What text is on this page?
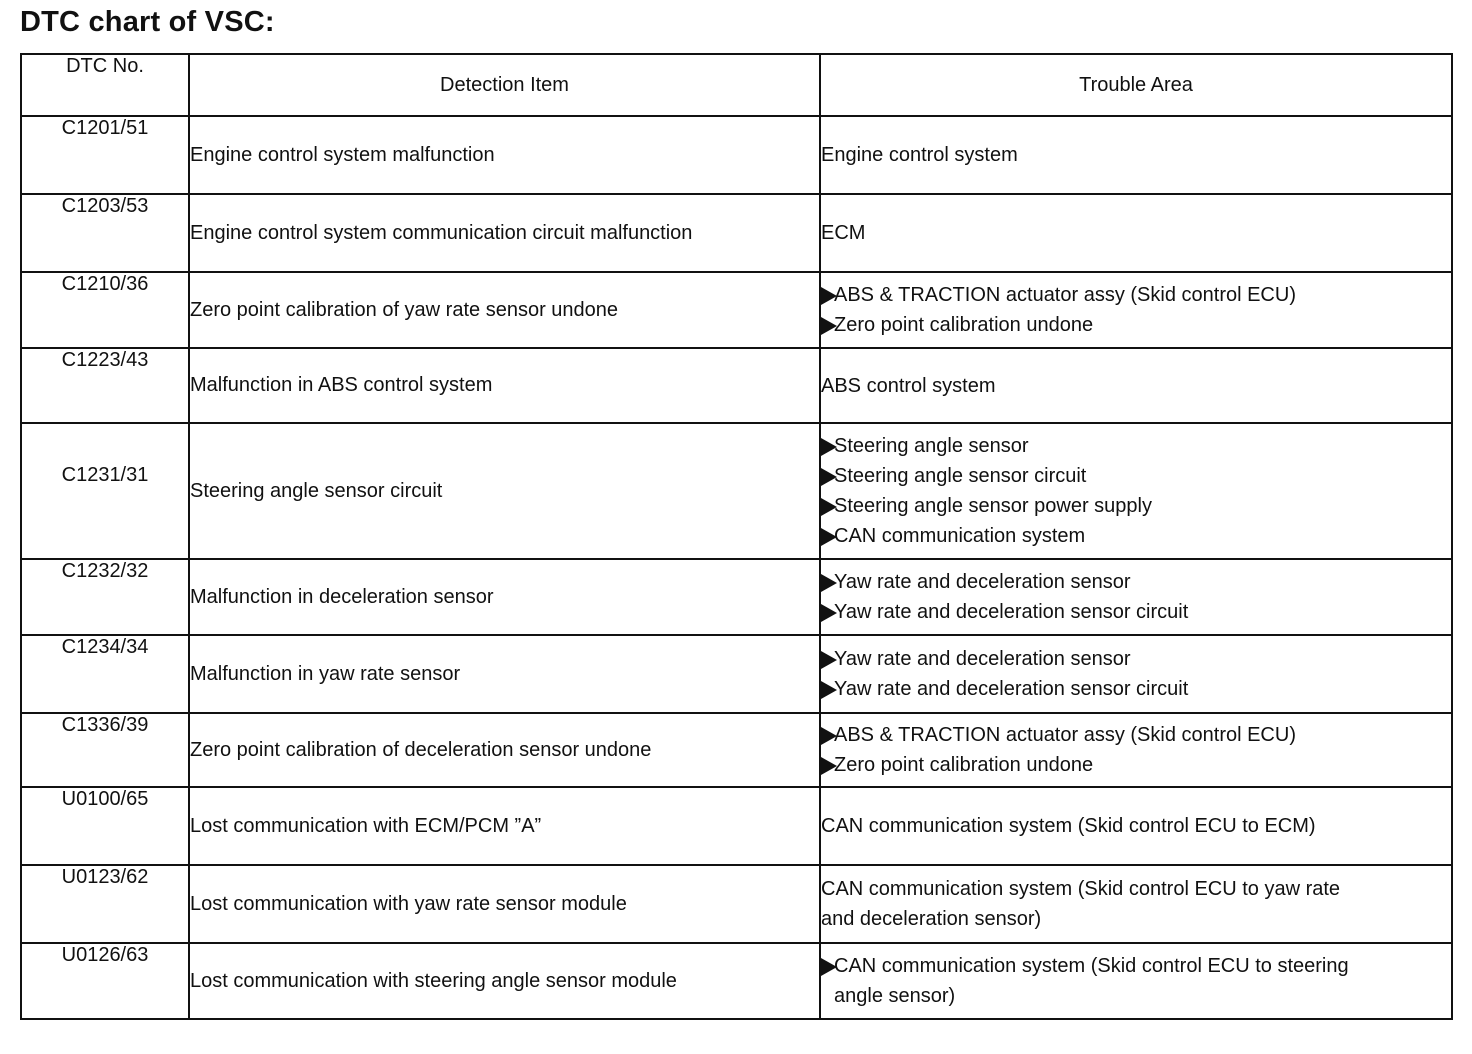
DTC chart of VSC:
DTC No.	Detection Item	Trouble Area
C1201/51	Engine control system malfunction	Engine control system

C1203/53	Engine control system communication circuit malfunction	ECM

C1210/36	Zero point calibration of yaw rate sensor undone	ABS & TRACTION actuator assy (Skid control ECU)
Zero point calibration undone

C1223/43	Malfunction in ABS control system	ABS control system

C1231/31	Steering angle sensor circuit	Steering angle sensor
Steering angle sensor circuit
Steering angle sensor power supply
CAN communication system

C1232/32	Malfunction in deceleration sensor	Yaw rate and deceleration sensor
Yaw rate and deceleration sensor circuit

C1234/34	Malfunction in yaw rate sensor	Yaw rate and deceleration sensor
Yaw rate and deceleration sensor circuit

C1336/39	Zero point calibration of deceleration sensor undone	ABS & TRACTION actuator assy (Skid control ECU)
Zero point calibration undone

U0100/65	Lost communication with ECM/PCM ”A”	CAN communication system (Skid control ECU to ECM)

U0123/62	Lost communication with yaw rate sensor module	CAN communication system (Skid control ECU to yaw rate
and deceleration sensor)

U0126/63	Lost communication with steering angle sensor module	CAN communication system (Skid control ECU to steering
angle sensor)
